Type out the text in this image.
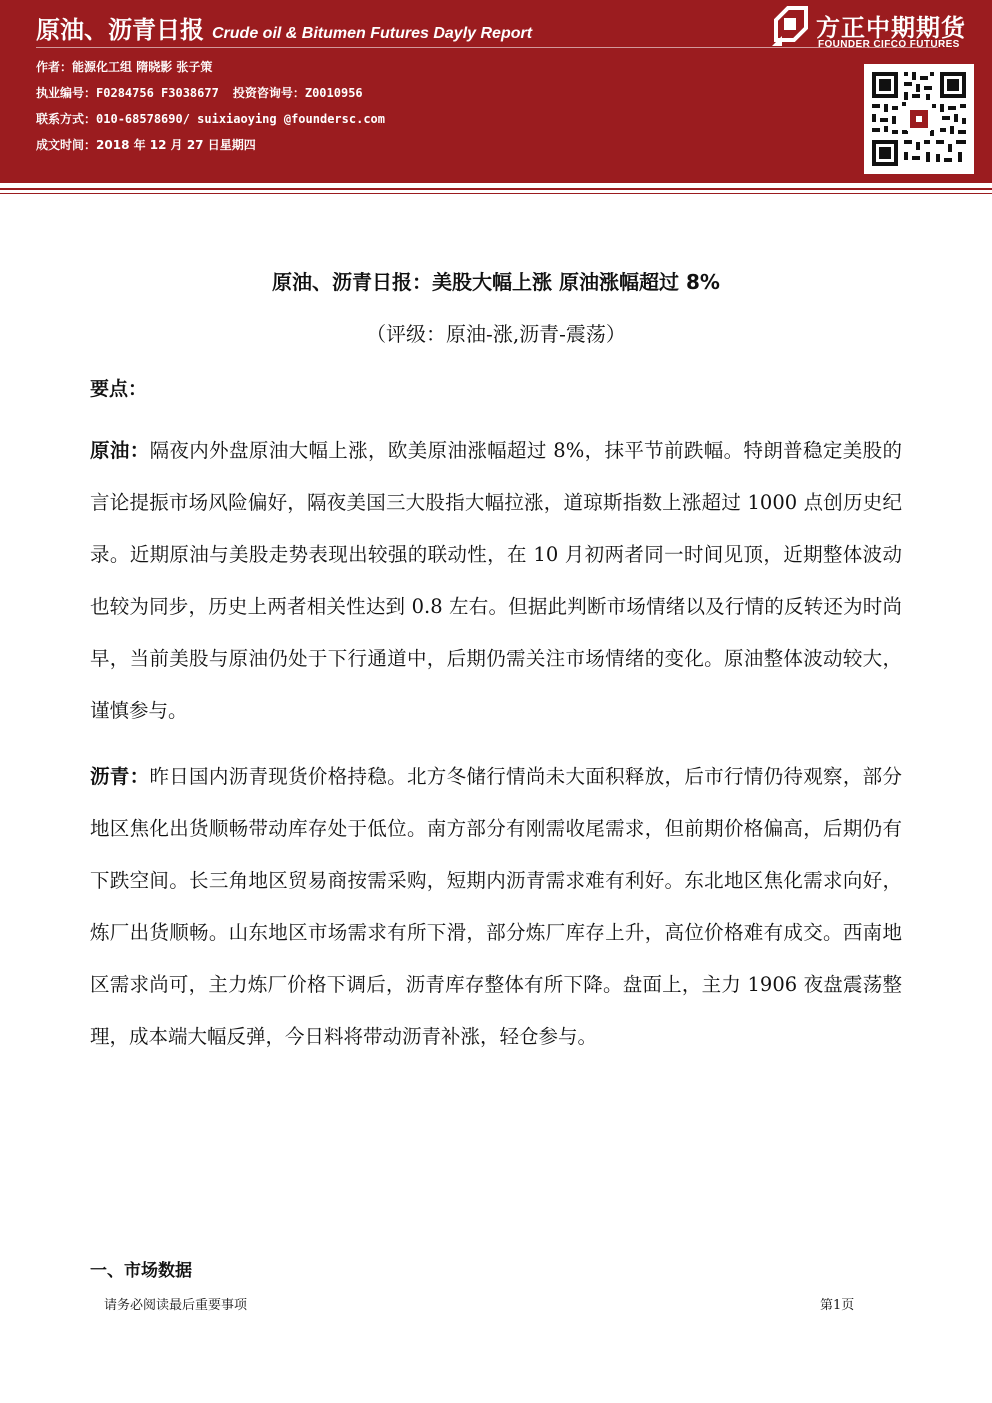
原油、沥青日报 Crude oil & Bitumen Futures Dayly Report
作者：能源化工组 隋晓影 张子策
执业编号：F0284756 F3038677 投资咨询号：Z0010956
联系方式：010-68578690/ suixiaoying @foundersc.com
成文时间：2018 年 12 月 27 日星期四
方正中期期货
FOUNDER CIFCO FUTURES
原油、沥青日报：美股大幅上涨 原油涨幅超过 8%
（评级：原油-涨,沥青-震荡）
要点：
原油：隔夜内外盘原油大幅上涨，欧美原油涨幅超过 8%，抹平节前跌幅。特朗普稳定美股的言论提振市场风险偏好，隔夜美国三大股指大幅拉涨，道琼斯指数上涨超过 1000 点创历史纪录。近期原油与美股走势表现出较强的联动性，在 10 月初两者同一时间见顶，近期整体波动也较为同步，历史上两者相关性达到 0.8 左右。但据此判断市场情绪以及行情的反转还为时尚早，当前美股与原油仍处于下行通道中，后期仍需关注市场情绪的变化。原油整体波动较大，谨慎参与。
沥青：昨日国内沥青现货价格持稳。北方冬储行情尚未大面积释放，后市行情仍待观察，部分地区焦化出货顺畅带动库存处于低位。南方部分有刚需收尾需求，但前期价格偏高，后期仍有下跌空间。长三角地区贸易商按需采购，短期内沥青需求难有利好。东北地区焦化需求向好，炼厂出货顺畅。山东地区市场需求有所下滑，部分炼厂库存上升，高位价格难有成交。西南地区需求尚可，主力炼厂价格下调后，沥青库存整体有所下降。盘面上，主力 1906 夜盘震荡整理，成本端大幅反弹，今日料将带动沥青补涨，轻仓参与。
一、市场数据
请务必阅读最后重要事项	第1页
